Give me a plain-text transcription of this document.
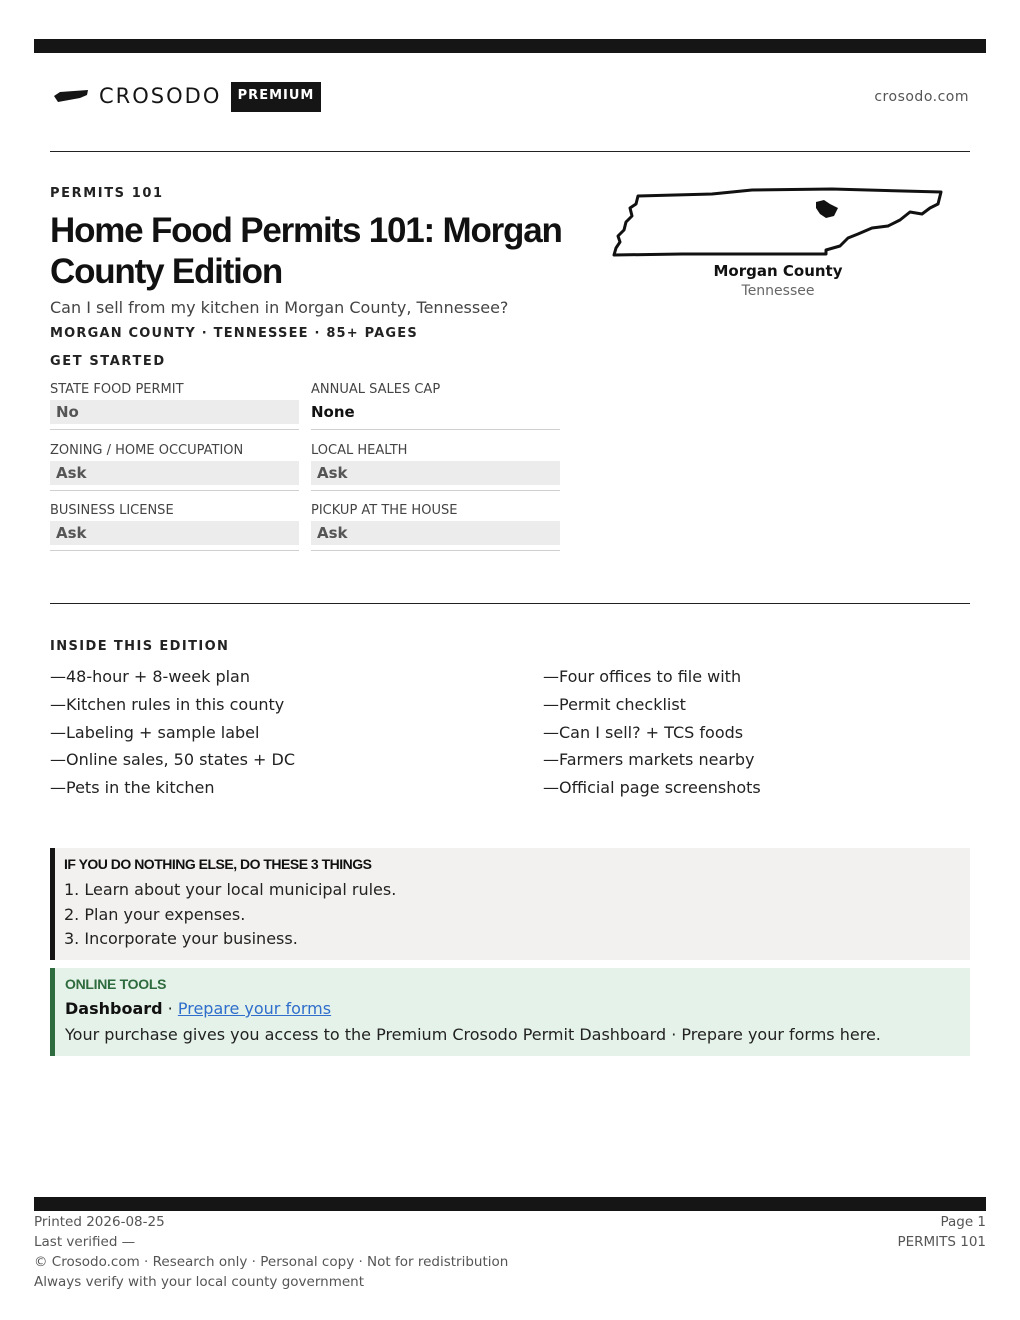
CROSODO	PREMIUM	crosodo.com
PERMITS 101
Home Food Permits 101: Morgan County Edition
Can I sell from my kitchen in Morgan County, Tennessee?
MORGAN COUNTY · TENNESSEE · 85+ PAGES
Morgan County
Tennessee
GET STARTED
STATE FOOD PERMIT
No
ANNUAL SALES CAP
None
ZONING / HOME OCCUPATION
Ask
LOCAL HEALTH
Ask
BUSINESS LICENSE
Ask
PICKUP AT THE HOUSE
Ask
INSIDE THIS EDITION
—48-hour + 8-week plan
—Kitchen rules in this county
—Labeling + sample label
—Online sales, 50 states + DC
—Pets in the kitchen
—Four offices to file with
—Permit checklist
—Can I sell? + TCS foods
—Farmers markets nearby
—Official page screenshots
IF YOU DO NOTHING ELSE, DO THESE 3 THINGS
1. Learn about your local municipal rules.
2. Plan your expenses.
3. Incorporate your business.
ONLINE TOOLS
Dashboard · Prepare your forms
Your purchase gives you access to the Premium Crosodo Permit Dashboard · Prepare your forms here.
Printed 2026-08-25
Last verified —
© Crosodo.com · Research only · Personal copy · Not for redistribution
Always verify with your local county government
Page 1
PERMITS 101
